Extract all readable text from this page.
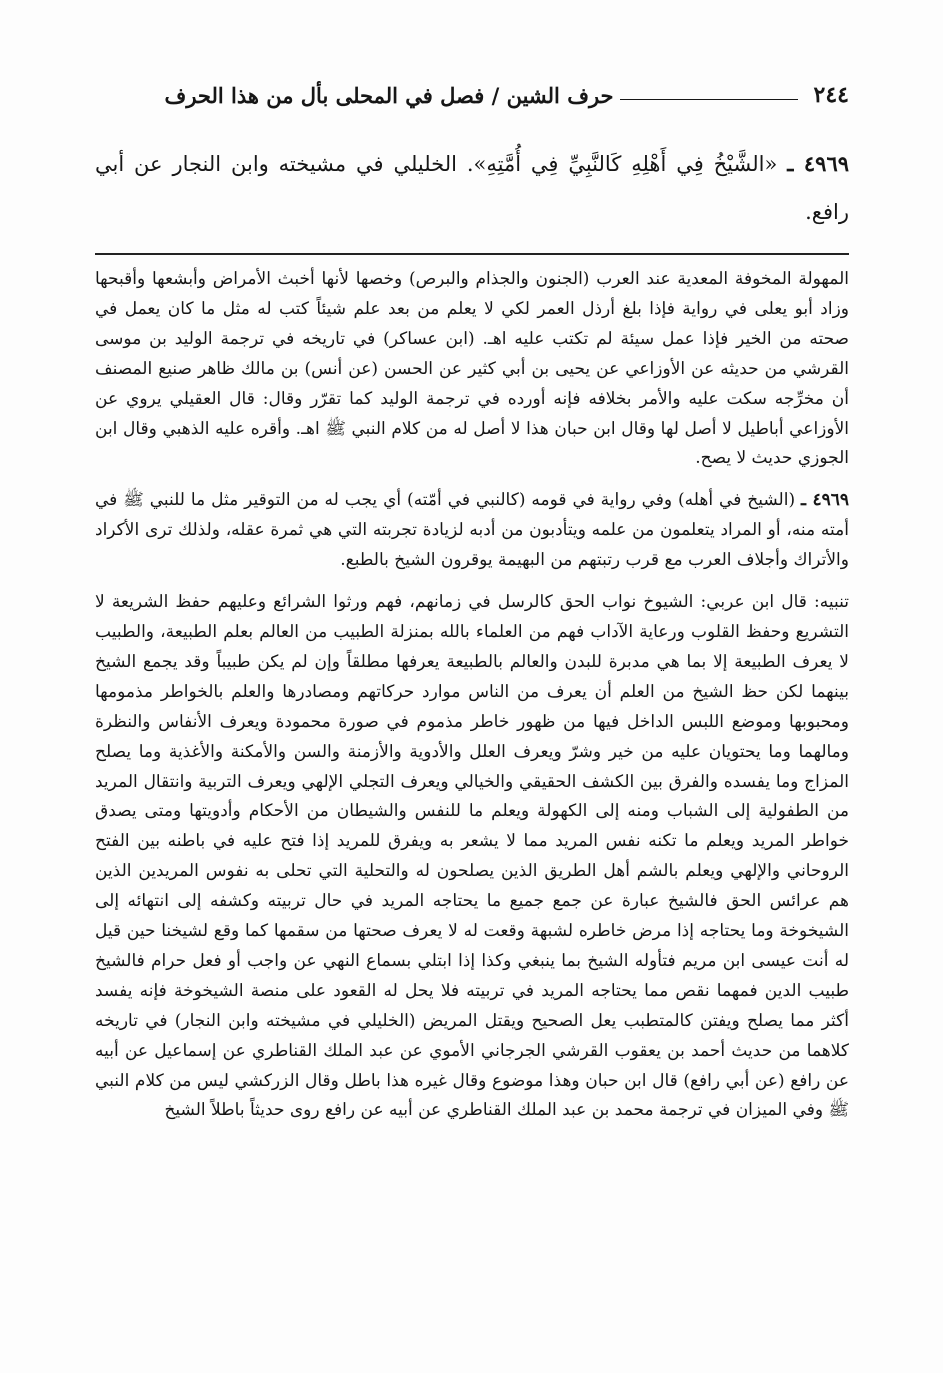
٢٤٤
حرف الشين / فصل في المحلى بأل من هذا الحرف

٤٩٦٩ ـ «الشَّيْخُ فِي أَهْلِهِ كَالنَّبِيِّ فِي أُمَّتِهِ». الخليلي في مشيخته وابن النجار عن أبي رافع.

المهولة المخوفة المعدية عند العرب (الجنون والجذام والبرص) وخصها لأنها أخبث الأمراض وأبشعها وأقبحها وزاد أبو يعلى في رواية فإذا بلغ أرذل العمر لكي لا يعلم من بعد علم شيئاً كتب له مثل ما كان يعمل في صحته من الخير فإذا عمل سيئة لم تكتب عليه اهـ. (ابن عساكر) في تاريخه في ترجمة الوليد بن موسى القرشي من حديثه عن الأوزاعي عن يحيى بن أبي كثير عن الحسن (عن أنس) بن مالك ظاهر صنيع المصنف أن مخرِّجه سكت عليه والأمر بخلافه فإنه أورده في ترجمة الوليد كما تقرّر وقال: قال العقيلي يروي عن الأوزاعي أباطيل لا أصل لها وقال ابن حبان هذا لا أصل له من كلام النبي ﷺ اهـ. وأقره عليه الذهبي وقال ابن الجوزي حديث لا يصح.

٤٩٦٩ ـ (الشيخ في أهله) وفي رواية في قومه (كالنبي في أمّته) أي يجب له من التوقير مثل ما للنبي ﷺ في أمته منه، أو المراد يتعلمون من علمه ويتأدبون من أدبه لزيادة تجربته التي هي ثمرة عقله، ولذلك ترى الأكراد والأتراك وأجلاف العرب مع قرب رتبتهم من البهيمة يوقرون الشيخ بالطبع.

تنبيه: قال ابن عربي: الشيوخ نواب الحق كالرسل في زمانهم، فهم ورثوا الشرائع وعليهم حفظ الشريعة لا التشريع وحفظ القلوب ورعاية الآداب فهم من العلماء بالله بمنزلة الطبيب من العالم بعلم الطبيعة، والطبيب لا يعرف الطبيعة إلا بما هي مدبرة للبدن والعالم بالطبيعة يعرفها مطلقاً وإن لم يكن طبيباً وقد يجمع الشيخ بينهما لكن حظ الشيخ من العلم أن يعرف من الناس موارد حركاتهم ومصادرها والعلم بالخواطر مذمومها ومحبوبها وموضع اللبس الداخل فيها من ظهور خاطر مذموم في صورة محمودة ويعرف الأنفاس والنظرة ومالهما وما يحتويان عليه من خير وشرّ ويعرف العلل والأدوية والأزمنة والسن والأمكنة والأغذية وما يصلح المزاج وما يفسده والفرق بين الكشف الحقيقي والخيالي ويعرف التجلي الإلهي ويعرف التربية وانتقال المريد من الطفولية إلى الشباب ومنه إلى الكهولة ويعلم ما للنفس والشيطان من الأحكام وأدويتها ومتى يصدق خواطر المريد ويعلم ما تكنه نفس المريد مما لا يشعر به ويفرق للمريد إذا فتح عليه في باطنه بين الفتح الروحاني والإلهي ويعلم بالشم أهل الطريق الذين يصلحون له والتحلية التي تحلى به نفوس المريدين الذين هم عرائس الحق فالشيخ عبارة عن جمع جميع ما يحتاجه المريد في حال تربيته وكشفه إلى انتهائه إلى الشيخوخة وما يحتاجه إذا مرض خاطره لشبهة وقعت له لا يعرف صحتها من سقمها كما وقع لشيخنا حين قيل له أنت عيسى ابن مريم فتأوله الشيخ بما ينبغي وكذا إذا ابتلي بسماع النهي عن واجب أو فعل حرام فالشيخ طبيب الدين فمهما نقص مما يحتاجه المريد في تربيته فلا يحل له القعود على منصة الشيخوخة فإنه يفسد أكثر مما يصلح ويفتن كالمتطبب يعل الصحيح ويقتل المريض (الخليلي في مشيخته وابن النجار) في تاريخه كلاهما من حديث أحمد بن يعقوب القرشي الجرجاني الأموي عن عبد الملك القناطري عن إسماعيل عن أبيه عن رافع (عن أبي رافع) قال ابن حبان وهذا موضوع وقال غيره هذا باطل وقال الزركشي ليس من كلام النبي ﷺ وفي الميزان في ترجمة محمد بن عبد الملك القناطري عن أبيه عن رافع روى حديثاً باطلاً الشيخ
